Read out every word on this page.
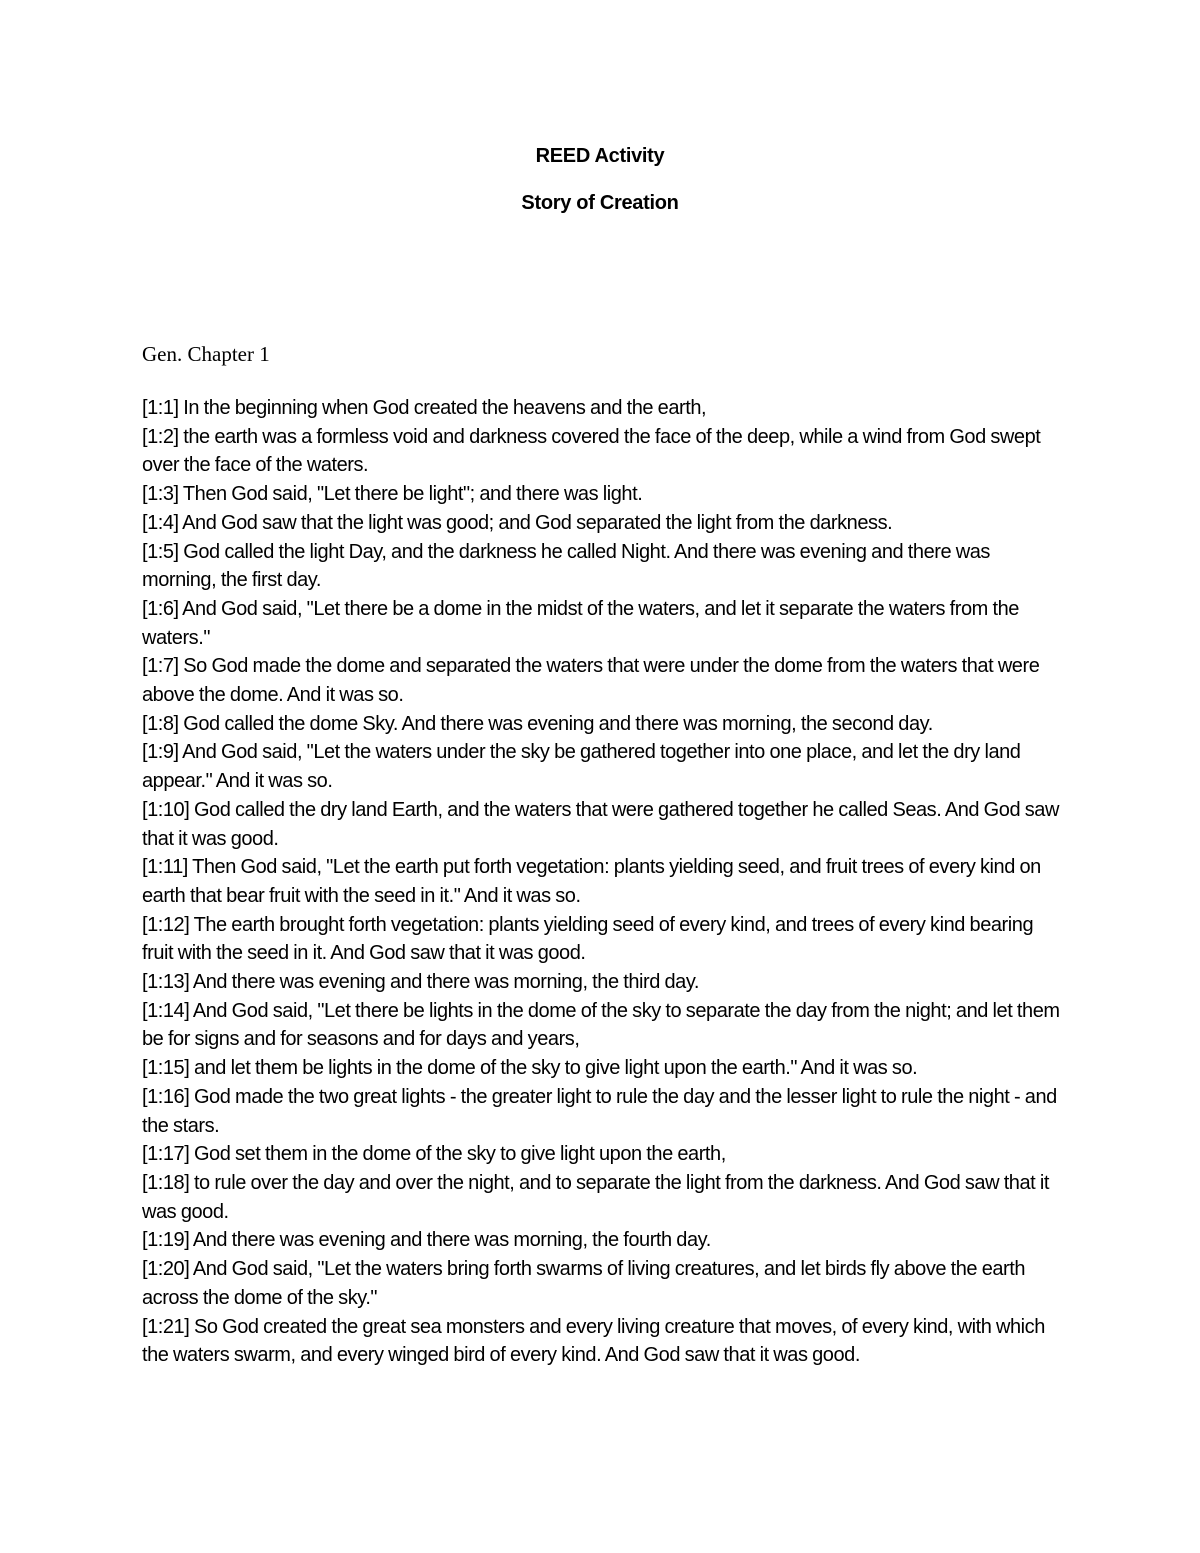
REED Activity
Story of Creation
Gen. Chapter 1

[1:1] In the beginning when God created the heavens and the earth,

[1:2] the earth was a formless void and darkness covered the face of the deep, while a wind from God swept over the face of the waters.

[1:3] Then God said, "Let there be light"; and there was light.

[1:4] And God saw that the light was good; and God separated the light from the darkness.

[1:5] God called the light Day, and the darkness he called Night. And there was evening and there was morning, the first day.

[1:6] And God said, "Let there be a dome in the midst of the waters, and let it separate the waters from the waters."

[1:7] So God made the dome and separated the waters that were under the dome from the waters that were above the dome. And it was so.

[1:8] God called the dome Sky. And there was evening and there was morning, the second day.

[1:9] And God said, "Let the waters under the sky be gathered together into one place, and let the dry land appear." And it was so.

[1:10] God called the dry land Earth, and the waters that were gathered together he called Seas. And God saw that it was good.

[1:11] Then God said, "Let the earth put forth vegetation: plants yielding seed, and fruit trees of every kind on earth that bear fruit with the seed in it." And it was so.

[1:12] The earth brought forth vegetation: plants yielding seed of every kind, and trees of every kind bearing fruit with the seed in it. And God saw that it was good.

[1:13] And there was evening and there was morning, the third day.

[1:14] And God said, "Let there be lights in the dome of the sky to separate the day from the night; and let them be for signs and for seasons and for days and years,

[1:15] and let them be lights in the dome of the sky to give light upon the earth." And it was so.

[1:16] God made the two great lights - the greater light to rule the day and the lesser light to rule the night - and the stars.

[1:17] God set them in the dome of the sky to give light upon the earth,

[1:18] to rule over the day and over the night, and to separate the light from the darkness. And God saw that it was good.

[1:19] And there was evening and there was morning, the fourth day.

[1:20] And God said, "Let the waters bring forth swarms of living creatures, and let birds fly above the earth across the dome of the sky."

[1:21] So God created the great sea monsters and every living creature that moves, of every kind, with which the waters swarm, and every winged bird of every kind. And God saw that it was good.
